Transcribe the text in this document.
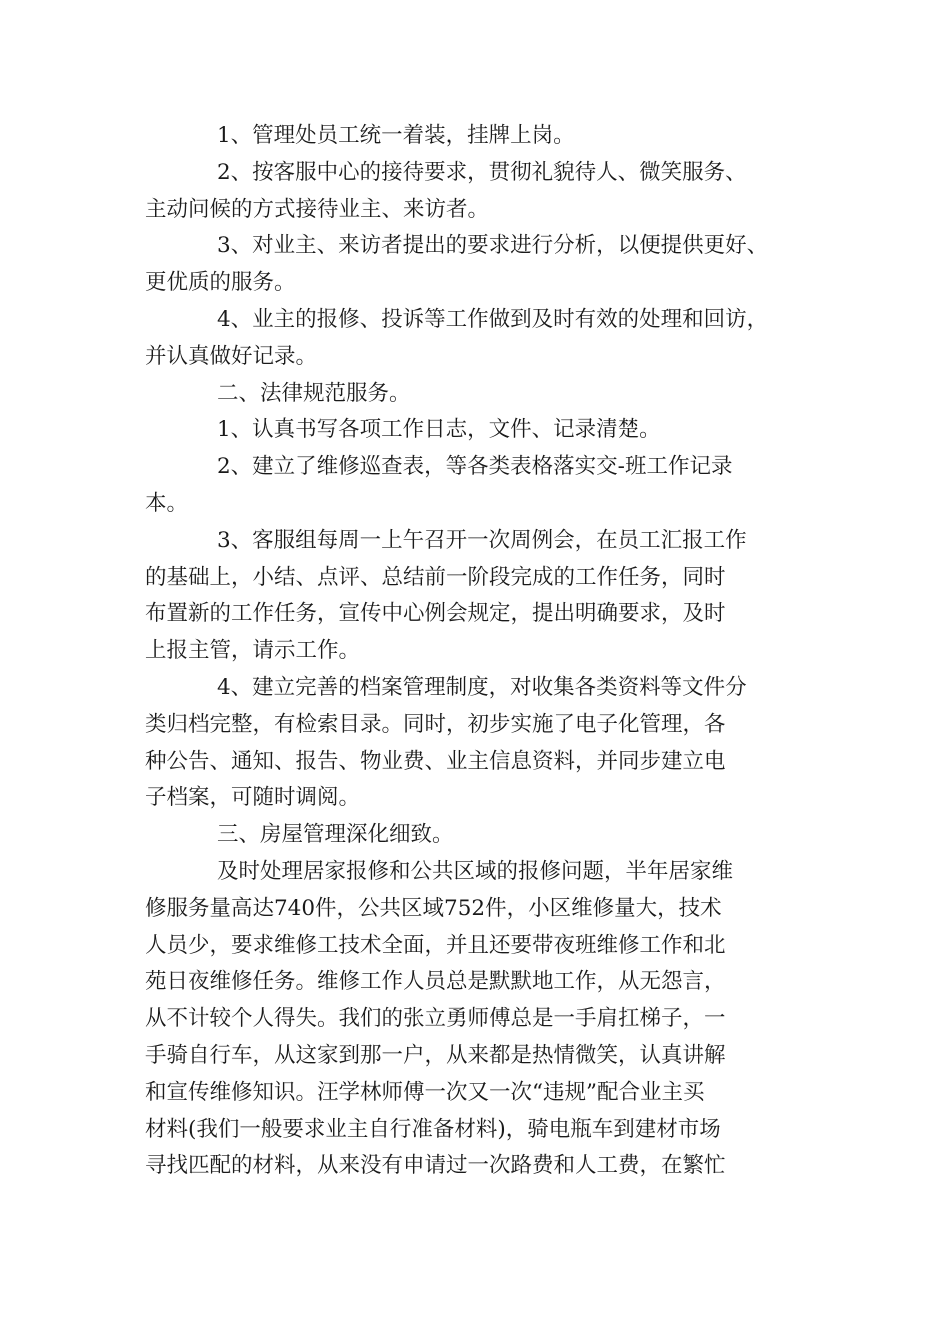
1、管理处员工统一着装，挂牌上岗。
2、按客服中心的接待要求，贯彻礼貌待人、微笑服务、
主动问候的方式接待业主、来访者。
3、对业主、来访者提出的要求进行分析，以便提供更好、
更优质的服务。
4、业主的报修、投诉等工作做到及时有效的处理和回访，
并认真做好记录。
二、法律规范服务。
1、认真书写各项工作日志，文件、记录清楚。
2、建立了维修巡查表，等各类表格落实交-班工作记录
本。
3、客服组每周一上午召开一次周例会，在员工汇报工作
的基础上，小结、点评、总结前一阶段完成的工作任务，同时
布置新的工作任务，宣传中心例会规定，提出明确要求，及时
上报主管，请示工作。
4、建立完善的档案管理制度，对收集各类资料等文件分
类归档完整，有检索目录。同时，初步实施了电子化管理，各
种公告、通知、报告、物业费、业主信息资料，并同步建立电
子档案，可随时调阅。
三、房屋管理深化细致。
及时处理居家报修和公共区域的报修问题，半年居家维
修服务量高达740件，公共区域752件，小区维修量大，技术
人员少，要求维修工技术全面，并且还要带夜班维修工作和北
苑日夜维修任务。维修工作人员总是默默地工作，从无怨言，
从不计较个人得失。我们的张立勇师傅总是一手肩扛梯子，一
手骑自行车，从这家到那一户，从来都是热情微笑，认真讲解
和宣传维修知识。汪学林师傅一次又一次“违规”配合业主买
材料(我们一般要求业主自行准备材料)，骑电瓶车到建材市场
寻找匹配的材料，从来没有申请过一次路费和人工费，在繁忙
